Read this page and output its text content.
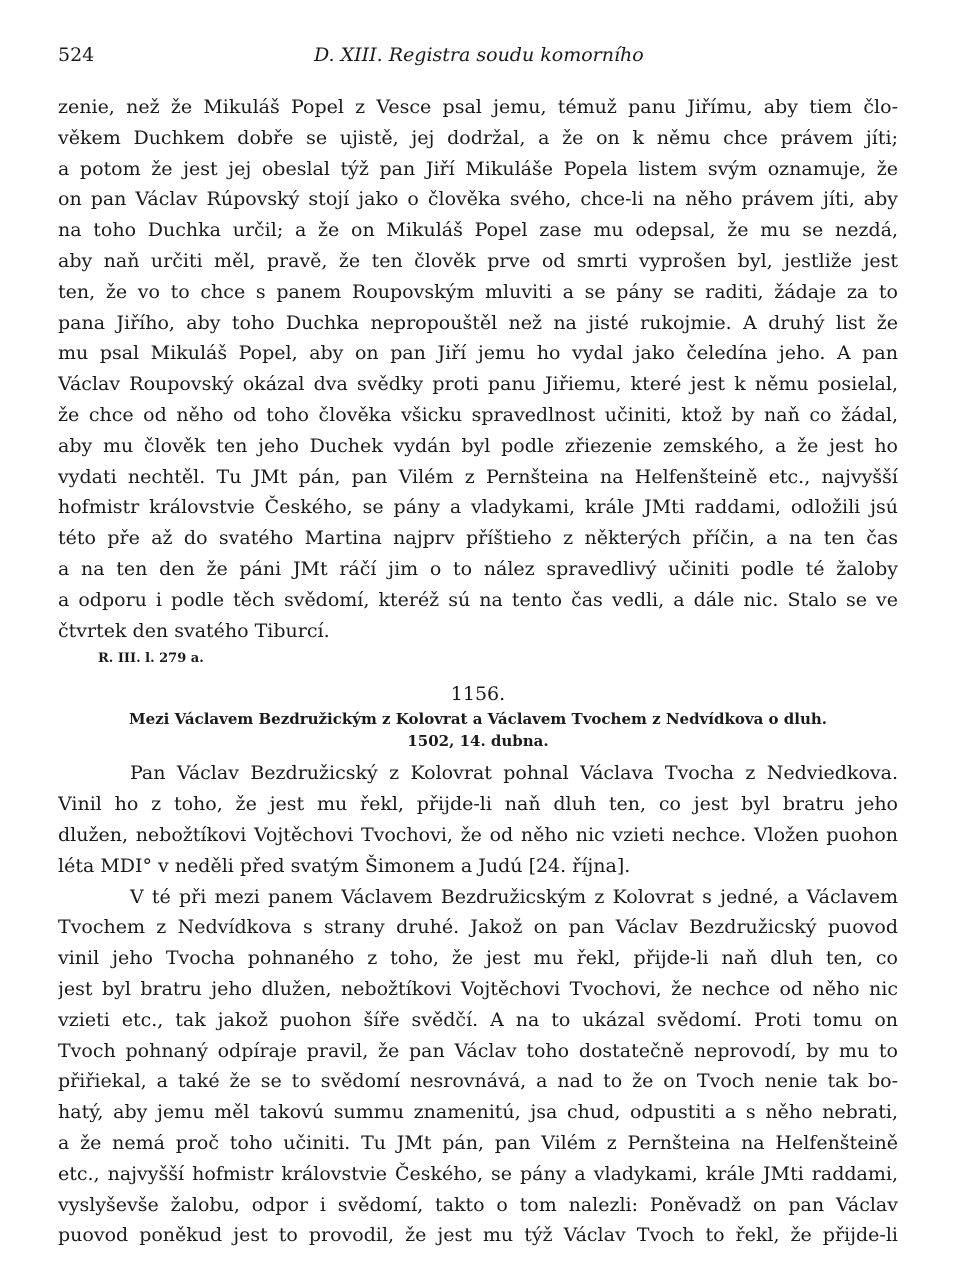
524	D. XIII. Registra soudu komorního
zenie, než že Mikuláš Popel z Vesce psal jemu, témuž panu Jiřímu, aby tiem člo-
věkem Duchkem dobře se ujistě, jej dodržal, a že on k němu chce právem jíti;
a potom že jest jej obeslal týž pan Jiří Mikuláše Popela listem svým oznamuje, že
on pan Václav Rúpovský stojí jako o člověka svého, chce-li na něho právem jíti, aby
na toho Duchka určil; a že on Mikuláš Popel zase mu odepsal, že mu se nezdá,
aby naň určiti měl, pravě, že ten člověk prve od smrti vyprošen byl, jestliže jest
ten, že vo to chce s panem Roupovským mluviti a se pány se raditi, žádaje za to
pana Jiřího, aby toho Duchka nepropouštěl než na jisté rukojmie. A druhý list že
mu psal Mikuláš Popel, aby on pan Jiří jemu ho vydal jako čeledína jeho. A pan
Václav Roupovský okázal dva svědky proti panu Jiřiemu, které jest k němu posielal,
že chce od něho od toho člověka všicku spravedlnost učiniti, ktož by naň co žádal,
aby mu člověk ten jeho Duchek vydán byl podle zřiezenie zemského, a že jest ho
vydati nechtěl. Tu JMt pán, pan Vilém z Pernšteina na Helfenšteině etc., najvyšší
hofmistr královstvie Českého, se pány a vladykami, krále JMti raddami, odložili jsú
této pře až do svatého Martina najprv příštieho z některých příčin, a na ten čas
a na ten den že páni JMt ráčí jim o to nález spravedlivý učiniti podle té žaloby
a odporu i podle těch svědomí, kteréž sú na tento čas vedli, a dále nic. Stalo se ve
čtvrtek den svatého Tiburcí.
R. III. l. 279 a.
1156.
Mezi Václavem Bezdružickým z Kolovrat a Václavem Tvochem z Nedvídkova o dluh.
1502, 14. dubna.
Pan Václav Bezdružicský z Kolovrat pohnal Václava Tvocha z Nedviedkova.
Vinil ho z toho, že jest mu řekl, přijde-li naň dluh ten, co jest byl bratru jeho
dlužen, nebožtíkovi Vojtěchovi Tvochovi, že od něho nic vzieti nechce. Vložen puohon
léta MDI° v neděli před svatým Šimonem a Judú [24. října].
V té při mezi panem Václavem Bezdružicským z Kolovrat s jedné, a Václavem
Tvochem z Nedvídkova s strany druhé. Jakož on pan Václav Bezdružicský puovod
vinil jeho Tvocha pohnaného z toho, že jest mu řekl, přijde-li naň dluh ten, co
jest byl bratru jeho dlužen, nebožtíkovi Vojtěchovi Tvochovi, že nechce od něho nic
vzieti etc., tak jakož puohon šíře svědčí. A na to ukázal svědomí. Proti tomu on
Tvoch pohnaný odpíraje pravil, že pan Václav toho dostatečně neprovodí, by mu to
přiřiekal, a také že se to svědomí nesrovnává, a nad to že on Tvoch nenie tak bo-
hatý, aby jemu měl takovú summu znamenitú, jsa chud, odpustiti a s něho nebrati,
a že nemá proč toho učiniti. Tu JMt pán, pan Vilém z Pernšteina na Helfenšteině
etc., najvyšší hofmistr královstvie Českého, se pány a vladykami, krále JMti raddami,
vyslyševše žalobu, odpor i svědomí, takto o tom nalezli: Poněvadž on pan Václav
puovod poněkud jest to provodil, že jest mu týž Václav Tvoch to řekl, že přijde-li
